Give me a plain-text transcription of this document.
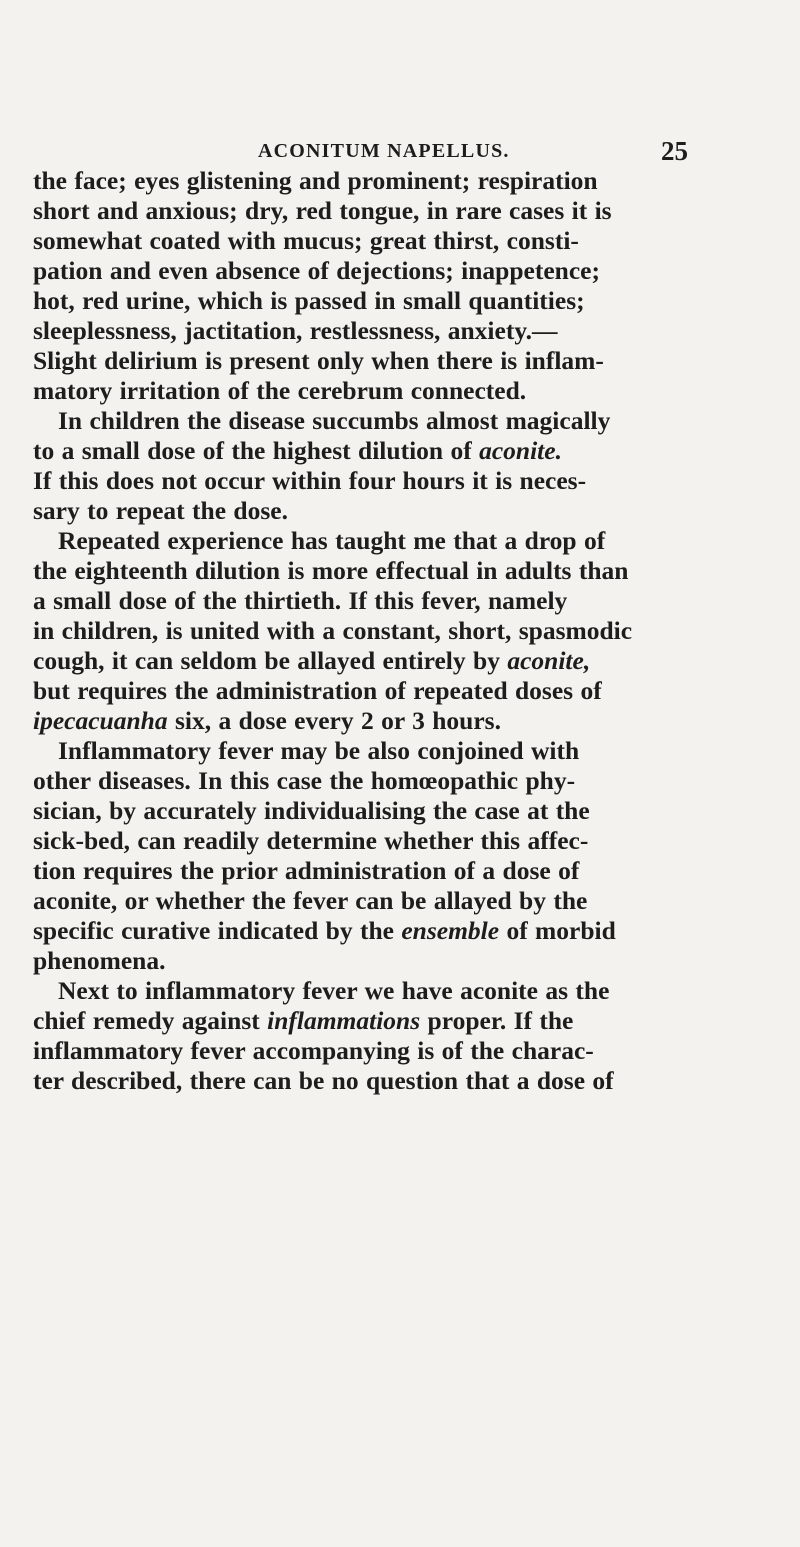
ACONITUM NAPELLUS.	25
the face; eyes glistening and prominent; respiration
short and anxious; dry, red tongue, in rare cases it is
somewhat coated with mucus; great thirst, consti-
pation and even absence of dejections; inappetence;
hot, red urine, which is passed in small quantities;
sleeplessness, jactitation, restlessness, anxiety.—
Slight delirium is present only when there is inflam-
matory irritation of the cerebrum connected.
In children the disease succumbs almost magically
to a small dose of the highest dilution of aconite.
If this does not occur within four hours it is neces-
sary to repeat the dose.
Repeated experience has taught me that a drop of
the eighteenth dilution is more effectual in adults than
a small dose of the thirtieth. If this fever, namely
in children, is united with a constant, short, spasmodic
cough, it can seldom be allayed entirely by aconite,
but requires the administration of repeated doses of
ipecacuanha six, a dose every 2 or 3 hours.
Inflammatory fever may be also conjoined with
other diseases. In this case the homœopathic phy-
sician, by accurately individualising the case at the
sick-bed, can readily determine whether this affec-
tion requires the prior administration of a dose of
aconite, or whether the fever can be allayed by the
specific curative indicated by the ensemble of morbid
phenomena.
Next to inflammatory fever we have aconite as the
chief remedy against inflammations proper. If the
inflammatory fever accompanying is of the charac-
ter described, there can be no question that a dose of
